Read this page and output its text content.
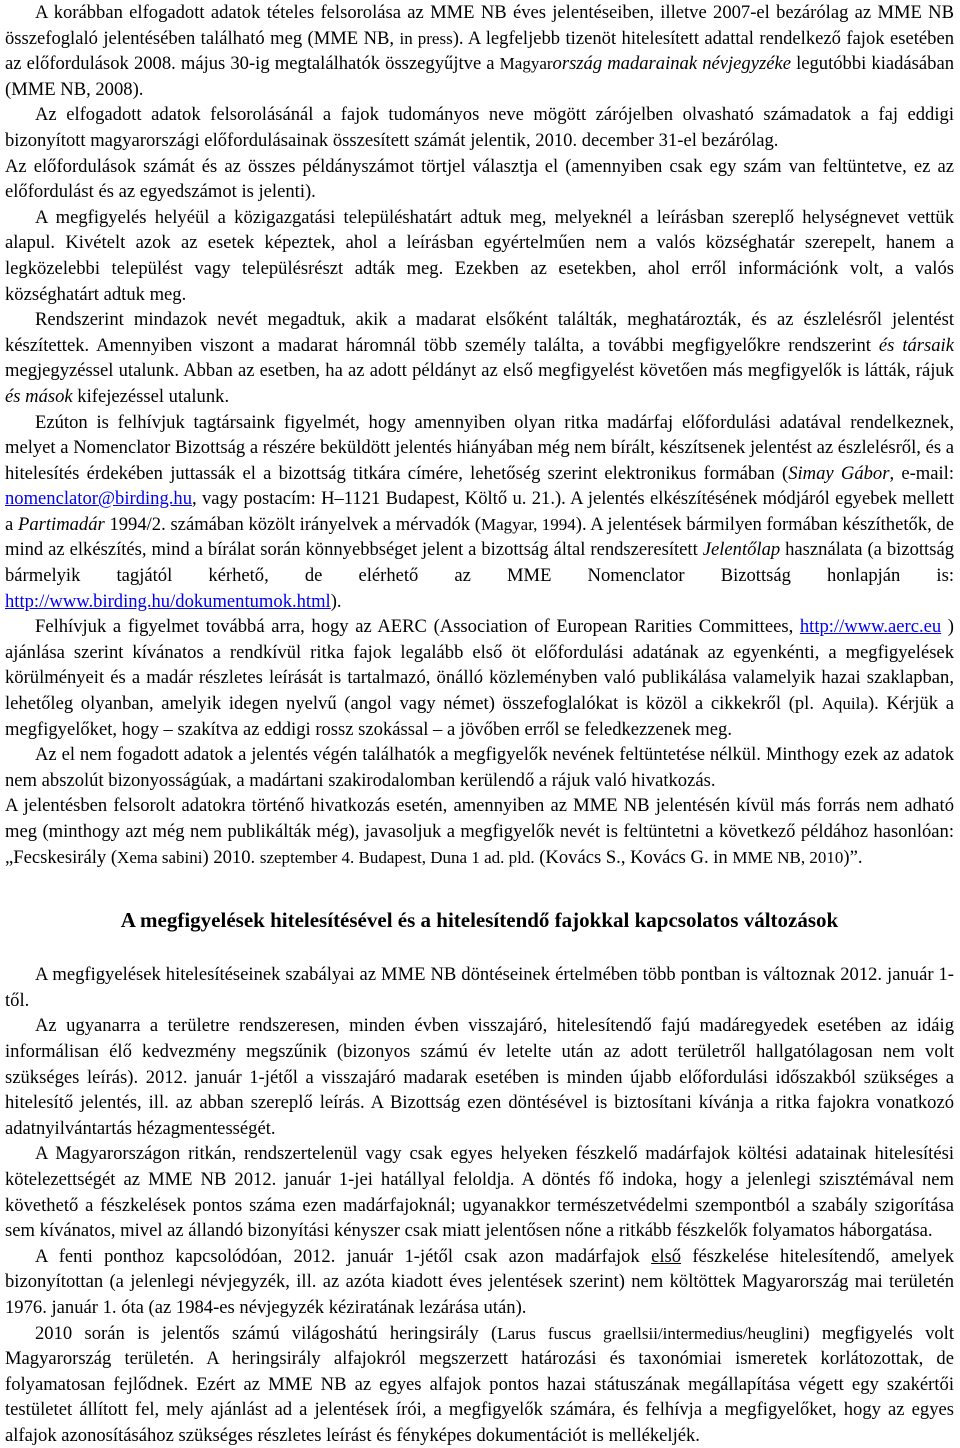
A korábban elfogadott adatok tételes felsorolása az MME NB éves jelentéseiben, illetve 2007-el bezárólag az MME NB összefoglaló jelentésében található meg (MME NB, in press). A legfeljebb tizenöt hitelesített adattal rendelkező fajok esetében az előfordulások 2008. május 30-ig megtalálhatók összegyűjtve a Magyarország madarainak névjegyzéke legutóbbi kiadásában (MME NB, 2008).

Az elfogadott adatok felsorolásánál a fajok tudományos neve mögött zárójelben olvasható számadatok a faj eddigi bizonyított magyarországi előfordulásainak összesített számát jelentik, 2010. december 31-el bezárólag.

Az előfordulások számát és az összes példányszámot törtjel választja el (amennyiben csak egy szám van feltüntetve, ez az előfordulást és az egyedszámot is jelenti).

A megfigyelés helyéül a közigazgatási településhatárt adtuk meg, melyeknél a leírásban szereplő helységnevet vettük alapul. Kivételt azok az esetek képeztek, ahol a leírásban egyértelműen nem a valós községhatár szerepelt, hanem a legközelebbi települést vagy településrészt adták meg. Ezekben az esetekben, ahol erről információnk volt, a valós községhatárt adtuk meg.

Rendszerint mindazok nevét megadtuk, akik a madarat elsőként találták, meghatározták, és az észlelésről jelentést készítettek. Amennyiben viszont a madarat háromnál több személy találta, a további megfigyelőkre rendszerint és társaik megjegyzéssel utalunk. Abban az esetben, ha az adott példányt az első megfigyelést követően más megfigyelők is látták, rájuk és mások kifejezéssel utalunk.

Ezúton is felhívjuk tagtársaink figyelmét, hogy amennyiben olyan ritka madárfaj előfordulási adatával rendelkeznek, melyet a Nomenclator Bizottság a részére beküldött jelentés hiányában még nem bírált, készítsenek jelentést az észlelésről, és a hitelesítés érdekében juttassák el a bizottság titkára címére, lehetőség szerint elektronikus formában (Simay Gábor, e-mail: nomenclator@birding.hu, vagy postacím: H–1121 Budapest, Költő u. 21.). A jelentés elkészítésének módjáról egyebek mellett a Partimadár 1994/2. számában közölt irányelvek a mérvadók (Magyar, 1994). A jelentések bármilyen formában készíthetők, de mind az elkészítés, mind a bírálat során könnyebbséget jelent a bizottság által rendszeresített Jelentőlap használata (a bizottság bármelyik tagjától kérhető, de elérhető az MME Nomenclator Bizottság honlapján is: http://www.birding.hu/dokumentumok.html).

Felhívjuk a figyelmet továbbá arra, hogy az AERC (Association of European Rarities Committees, http://www.aerc.eu ) ajánlása szerint kívánatos a rendkívül ritka fajok legalább első öt előfordulási adatának az egyenkénti, a megfigyelések körülményeit és a madár részletes leírását is tartalmazó, önálló közleményben való publikálása valamelyik hazai szaklapban, lehetőleg olyanban, amelyik idegen nyelvű (angol vagy német) összefoglalókat is közöl a cikkekről (pl. Aquila). Kérjük a megfigyelőket, hogy – szakítva az eddigi rossz szokással – a jövőben erről se feledkezzenek meg.

Az el nem fogadott adatok a jelentés végén találhatók a megfigyelők nevének feltüntetése nélkül. Minthogy ezek az adatok nem abszolút bizonyosságúak, a madártani szakirodalomban kerülendő a rájuk való hivatkozás.

A jelentésben felsorolt adatokra történő hivatkozás esetén, amennyiben az MME NB jelentésén kívül más forrás nem adható meg (minthogy azt még nem publikálták még), javasoljuk a megfigyelők nevét is feltüntetni a következő példához hasonlóan: „Fecskesirály (Xema sabini) 2010. szeptember 4. Budapest, Duna 1 ad. pld. (Kovács S., Kovács G. in MME NB, 2010)”.

A megfigyelések hitelesítésével és a hitelesítendő fajokkal kapcsolatos változások

A megfigyelések hitelesítéseinek szabályai az MME NB döntéseinek értelmében több pontban is változnak 2012. január 1-től.

Az ugyanarra a területre rendszeresen, minden évben visszajáró, hitelesítendő fajú madáregyedek esetében az idáig informálisan élő kedvezmény megszűnik (bizonyos számú év letelte után az adott területről hallgatólagosan nem volt szükséges leírás). 2012. január 1-jétől a visszajáró madarak esetében is minden újabb előfordulási időszakból szükséges a hitelesítő jelentés, ill. az abban szereplő leírás. A Bizottság ezen döntésével is biztosítani kívánja a ritka fajokra vonatkozó adatnyilvántartás hézagmentességét.

A Magyarországon ritkán, rendszertelenül vagy csak egyes helyeken fészkelő madárfajok költési adatainak hitelesítési kötelezettségét az MME NB 2012. január 1-jei hatállyal feloldja. A döntés fő indoka, hogy a jelenlegi szisztémával nem követhető a fészkelések pontos száma ezen madárfajoknál; ugyanakkor természetvédelmi szempontból a szabály szigorítása sem kívánatos, mivel az állandó bizonyítási kényszer csak miatt jelentősen nőne a ritkább fészkelők folyamatos háborgatása.

A fenti ponthoz kapcsolódóan, 2012. január 1-jétől csak azon madárfajok első fészkelése hitelesítendő, amelyek bizonyítottan (a jelenlegi névjegyzék, ill. az azóta kiadott éves jelentések szerint) nem költöttek Magyarország mai területén 1976. január 1. óta (az 1984-es névjegyzék kéziratának lezárása után).

2010 során is jelentős számú világoshátú heringsirály (Larus fuscus graellsii/intermedius/heuglini) megfigyelés volt Magyarország területén. A heringsirály alfajokról megszerzett határozási és taxonómiai ismeretek korlátozottak, de folyamatosan fejlődnek. Ezért az MME NB az egyes alfajok pontos hazai státuszának megállapítása végett egy szakértői testületet állított fel, mely ajánlást ad a jelentések írói, a megfigyelők számára, és felhívja a megfigyelőket, hogy az egyes alfajok azonosításához szükséges részletes leírást és fényképes dokumentációt is mellékeljék.
